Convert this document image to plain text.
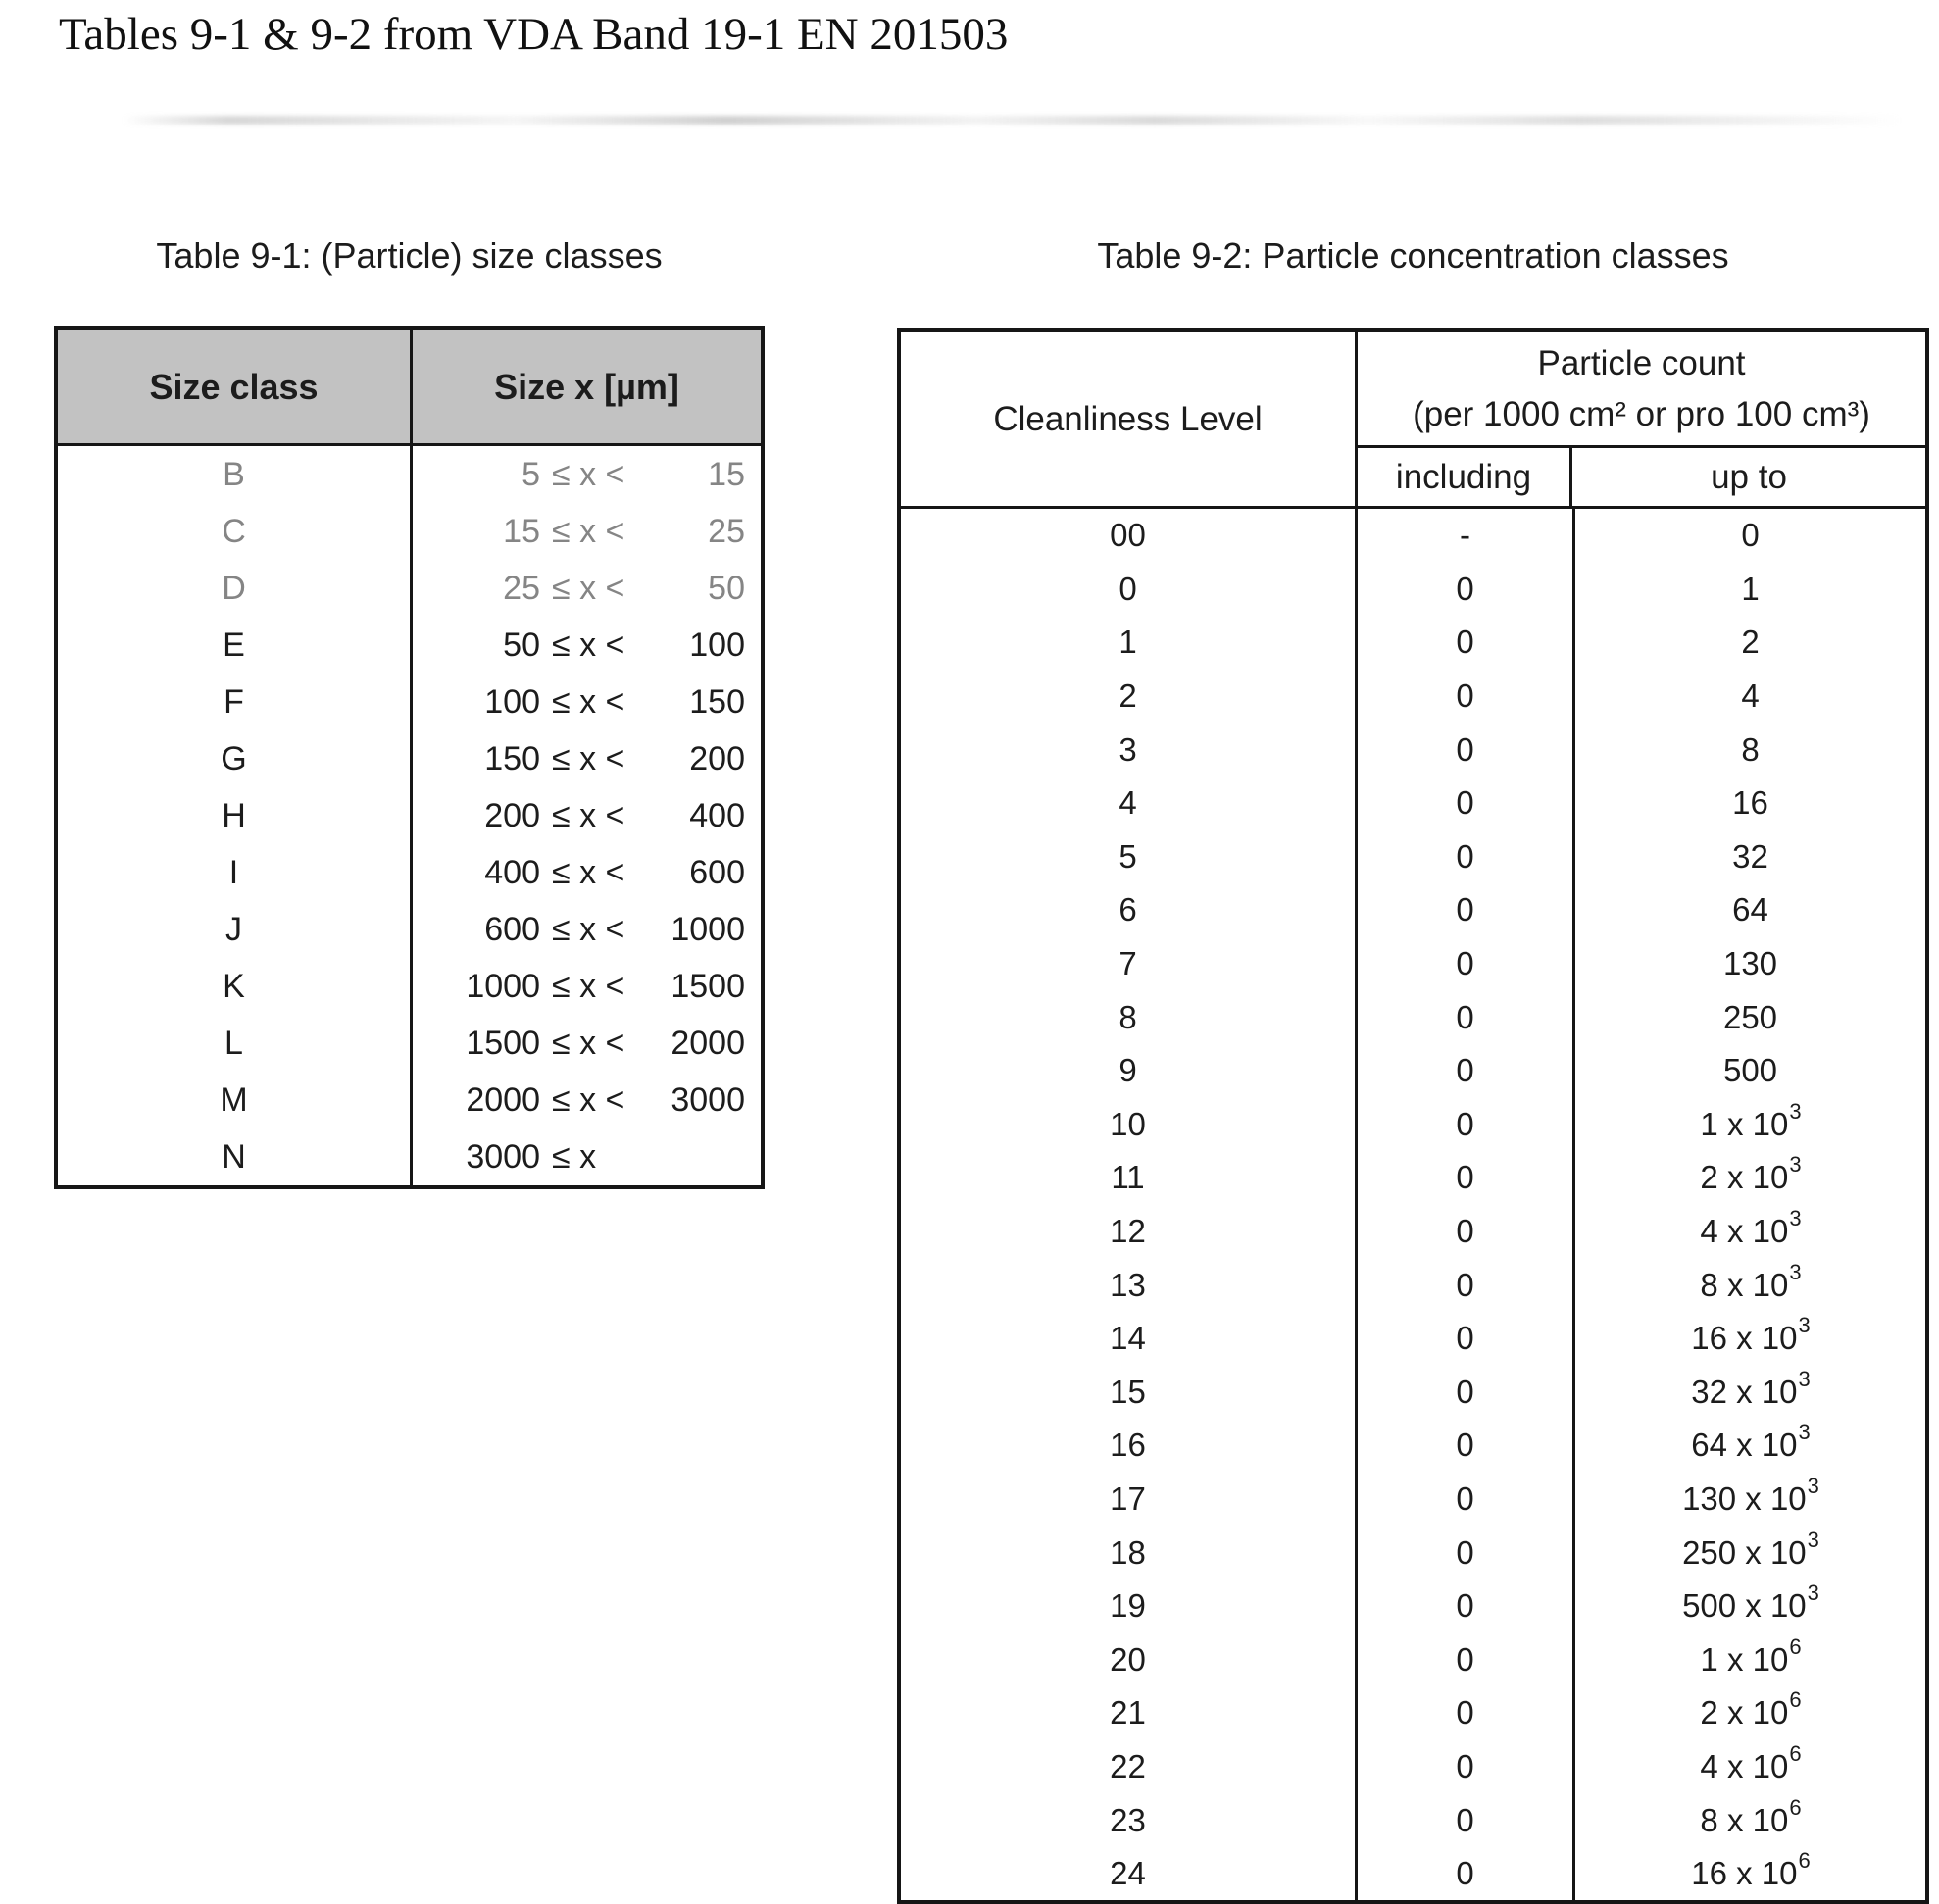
Tables 9-1 & 9-2 from VDA Band 19-1 EN 201503
Table 9-1: (Particle) size classes	Table 9-2: Particle concentration classes
Size class	Size x [µm]
B	5 ≤ x <	15
C	15 ≤ x <	25
D	25 ≤ x <	50
E	50 ≤ x <	100
F	100 ≤ x <	150
G	150 ≤ x <	200
H	200 ≤ x <	400
I	400 ≤ x <	600
J	600 ≤ x <	1000
K	1000 ≤ x <	1500
L	1500 ≤ x <	2000
M	2000 ≤ x <	3000
N	3000 ≤ x
Cleanliness Level
Particle count
(per 1000 cm² or pro 100 cm³)
including	up to
00	-	0
0	0	1
1	0	2
2	0	4
3	0	8
4	0	16
5	0	32
6	0	64
7	0	130
8	0	250
9	0	500
10	0	1 x $10^3$
11	0	2 x $10^3$
12	0	4 x $10^3$
13	0	8 x $10^3$
14	0	16 x $10^3$
15	0	32 x $10^3$
16	0	64 x $10^3$
17	0	130 x $10^3$
18	0	250 x $10^3$
19	0	500 x $10^3$
20	0	1 x $10^6$
21	0	2 x $10^6$
22	0	4 x $10^6$
23	0	8 x $10^6$
24	0	16 x $10^6$
